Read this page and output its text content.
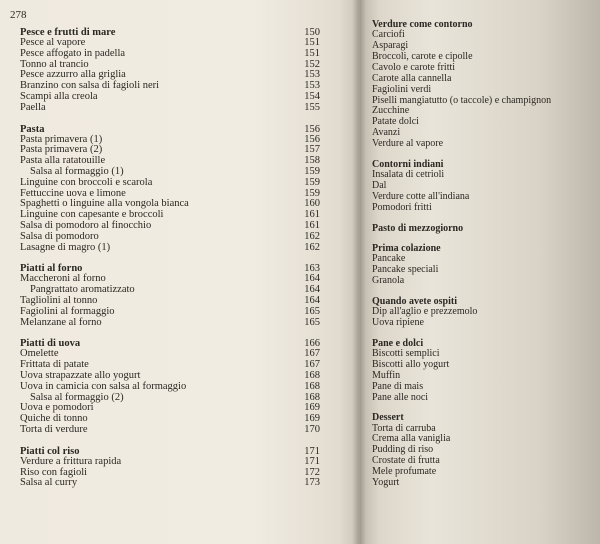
278
Pesce e frutti di mare	150
Pesce al vapore	151
Pesce affogato in padella	151
Tonno al trancio	152
Pesce azzurro alla griglia	153
Branzino con salsa di fagioli neri	153
Scampi alla creola	154
Paella	155
Pasta	156
Pasta primavera (1)	156
Pasta primavera (2)	157
Pasta alla ratatouille	158
Salsa al formaggio (1)	159
Linguine con broccoli e scarola	159
Fettuccine uova e limone	159
Spaghetti o linguine alla vongola bianca	160
Linguine con capesante e broccoli	161
Salsa di pomodoro al finocchio	161
Salsa di pomodoro	162
Lasagne di magro (1)	162
Piatti al forno	163
Maccheroni al forno	164
Pangrattato aromatizzato	164
Tagliolini al tonno	164
Fagiolini al formaggio	165
Melanzane al forno	165
Piatti di uova	166
Omelette	167
Frittata di patate	167
Uova strapazzate allo yogurt	168
Uova in camicia con salsa al formaggio	168
Salsa al formaggio (2)	168
Uova e pomodori	169
Quiche di tonno	169
Torta di verdure	170
Piatti col riso	171
Verdure a frittura rapida	171
Riso con fagioli	172
Salsa al curry	173
Verdure come contorno
Carciofi
Asparagi
Broccoli, carote e cipolle
Cavolo e carote fritti
Carote alla cannella
Fagiolini verdi
Piselli mangiatutto (o taccole) e champignon
Zucchine
Patate dolci
Avanzi
Verdure al vapore
Contorni indiani
Insalata di cetrioli
Dal
Verdure cotte all'indiana
Pomodori fritti
Pasto di mezzogiorno
Prima colazione
Pancake
Pancake speciali
Granola
Quando avete ospiti
Dip all'aglio e prezzemolo
Uova ripiene
Pane e dolci
Biscotti semplici
Biscotti allo yogurt
Muffin
Pane di mais
Pane alle noci
Dessert
Torta di carruba
Crema alla vaniglia
Pudding di riso
Crostate di frutta
Mele profumate
Yogurt
